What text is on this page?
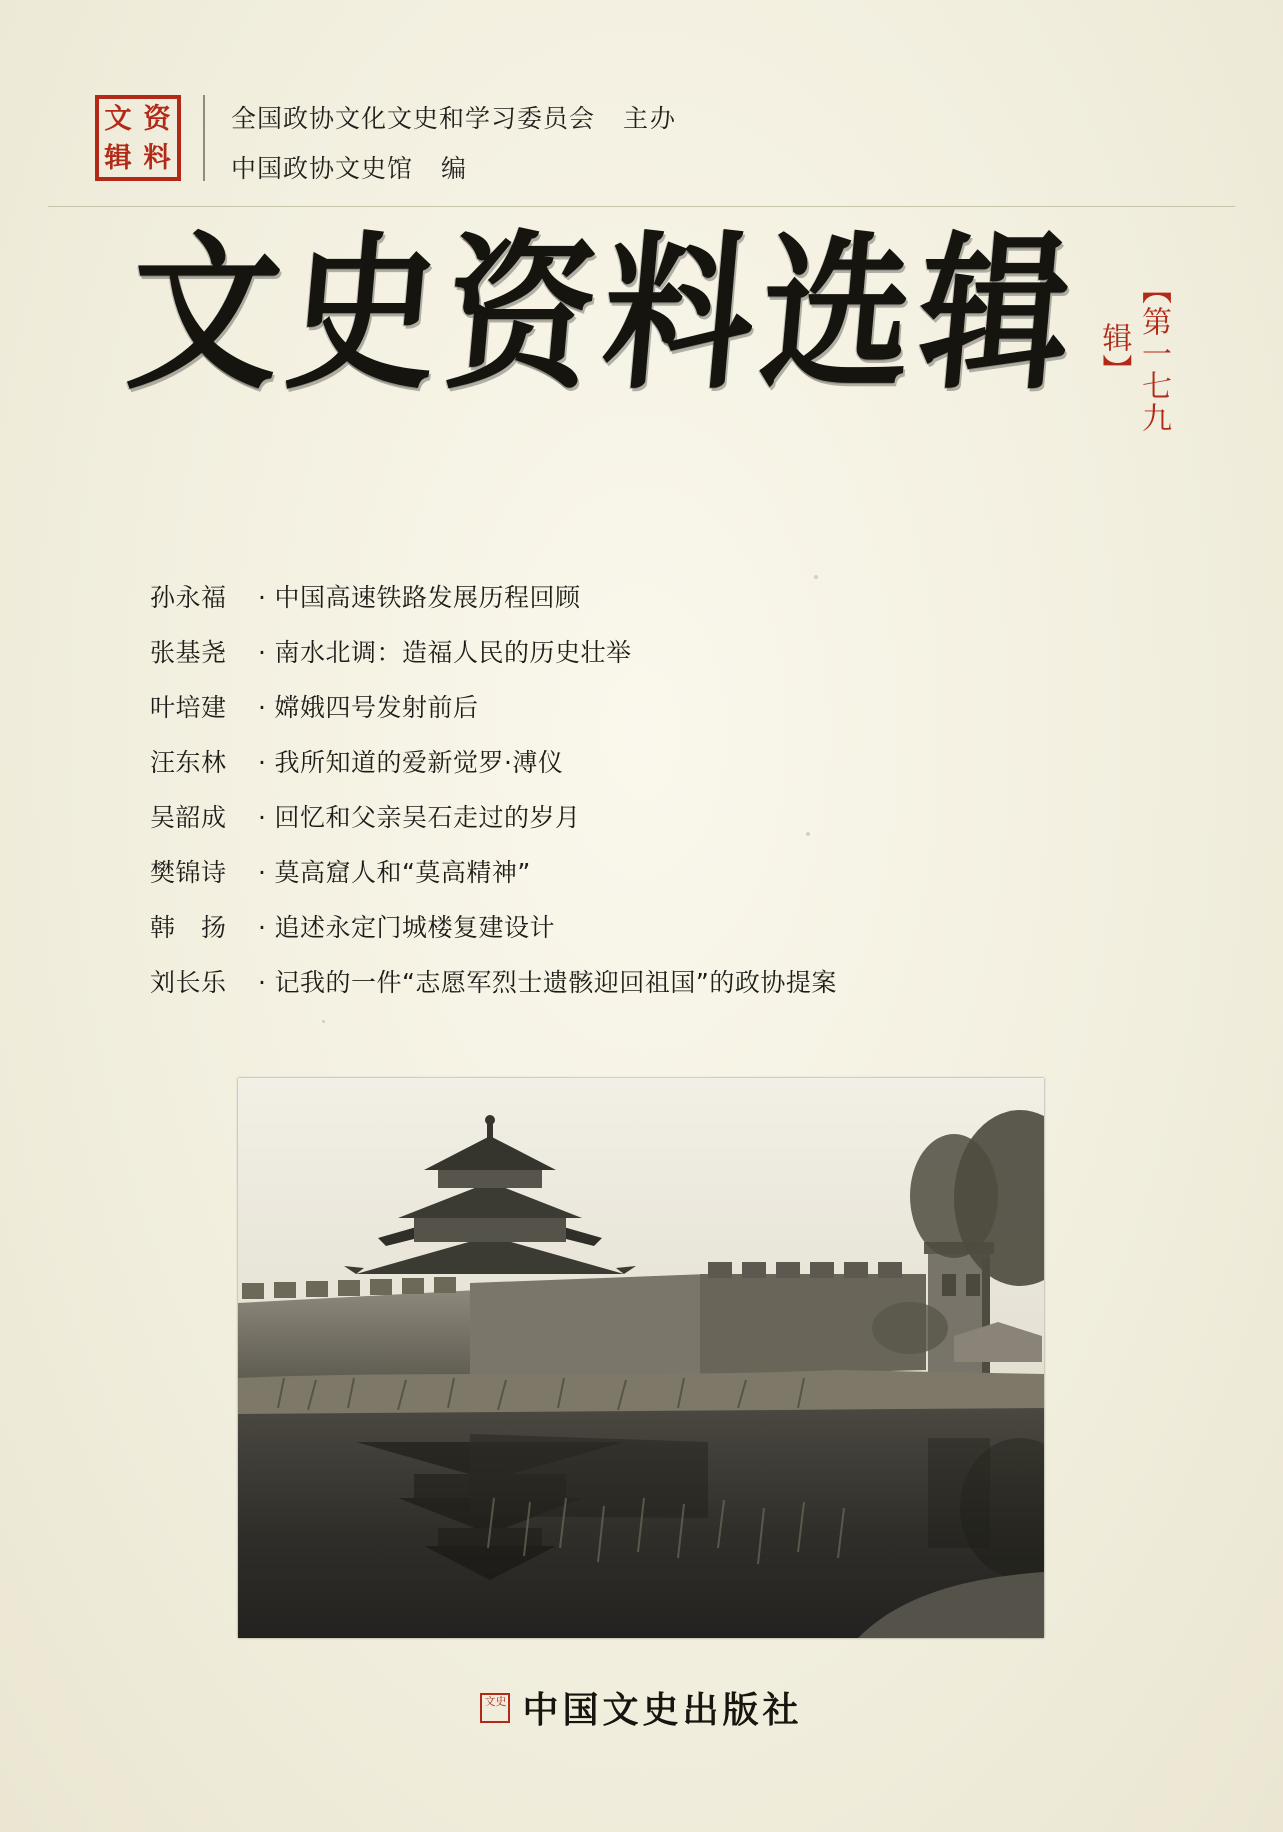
文 资
辑 料
全国政协文化文史和学习委员会 主办
中国政协文史馆 编
文史资料选辑	【第一七九辑】
孙永福 · 中国高速铁路发展历程回顾
张基尧 · 南水北调：造福人民的历史壮举
叶培建 · 嫦娥四号发射前后
汪东林 · 我所知道的爱新觉罗·溥仪
吴韶成 · 回忆和父亲吴石走过的岁月
樊锦诗 · 莫高窟人和“莫高精神”
韩　扬 · 追述永定门城楼复建设计
刘长乐 · 记我的一件“志愿军烈士遗骸迎回祖国”的政协提案
文史 中国文史出版社
